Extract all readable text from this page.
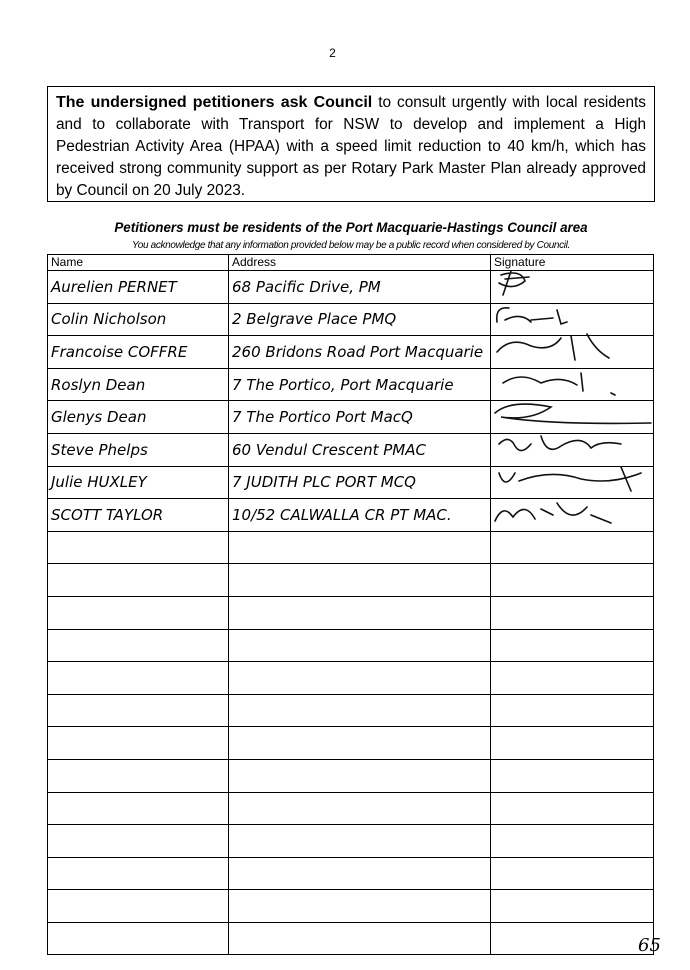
2
The undersigned petitioners ask Council to consult urgently with local residents and to collaborate with Transport for NSW to develop and implement a High Pedestrian Activity Area (HPAA) with a speed limit reduction to 40 km/h, which has received strong community support as per Rotary Park Master Plan already approved by Council on 20 July 2023.
Petitioners must be residents of the Port Macquarie-Hastings Council area
You acknowledge that any information provided below may be a public record when considered by Council.
Name	Address	Signature
Aurelien PERNET	68 Pacific Drive, PM	

Colin Nicholson	2 Belgrave Place PMQ	

Francoise COFFRE	260 Bridons Road Port Macquarie	

Roslyn Dean	7 The Portico, Port Macquarie	

Glenys Dean	7 The Portico Port MacQ	

Steve Phelps	60 Vendul Crescent PMAC	

Julie HUXLEY	7 JUDITH PLC PORT MCQ	

SCOTT TAYLOR	10/52 CALWALLA CR PT MAC.	

65
